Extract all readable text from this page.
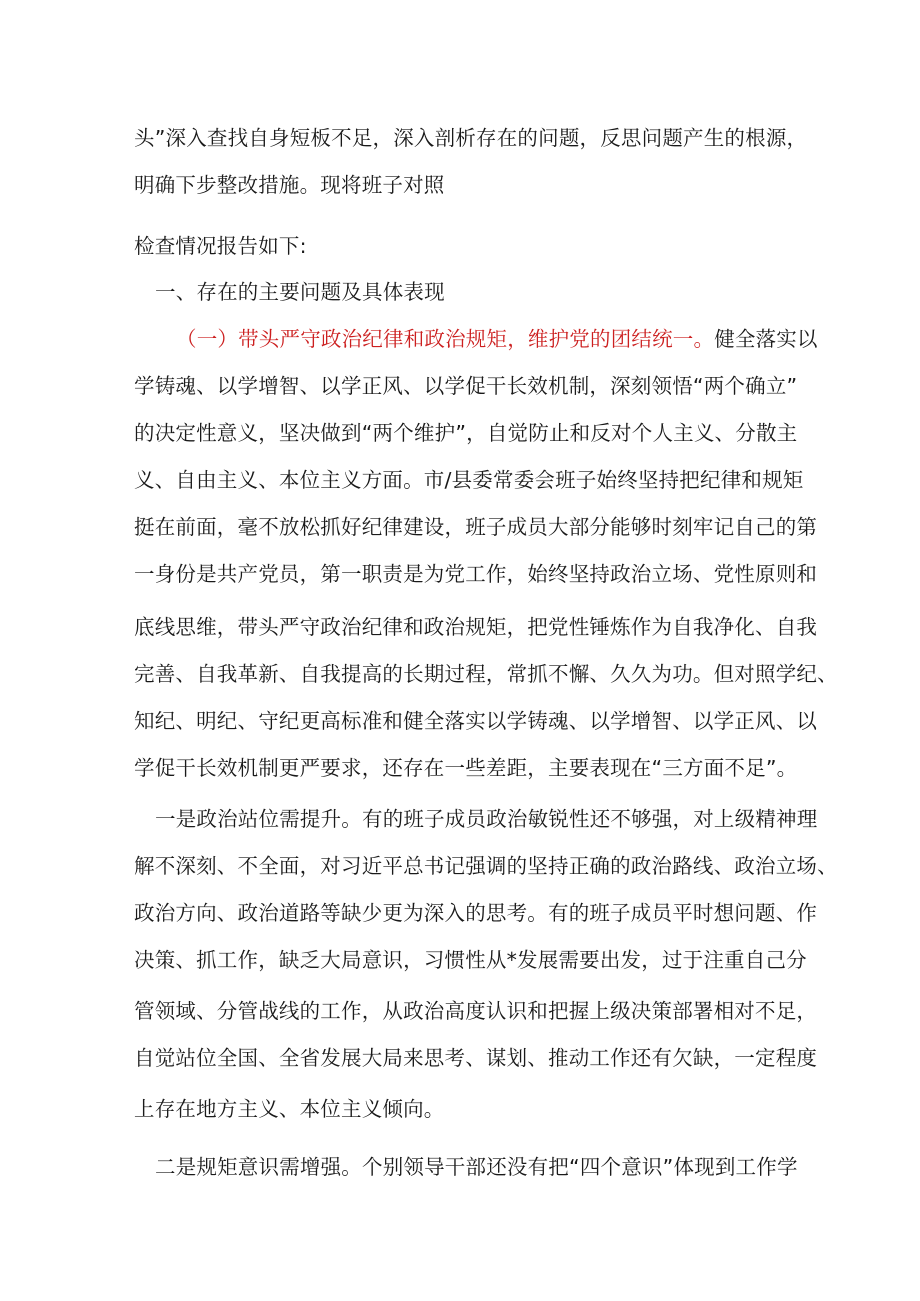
头”深入查找自身短板不足，深入剖析存在的问题，反思问题产生的根源，
明确下步整改措施。现将班子对照
检查情况报告如下:
一、存在的主要问题及具体表现
（一）带头严守政治纪律和政治规矩，维护党的团结统一。健全落实以
学铸魂、以学增智、以学正风、以学促干长效机制，深刻领悟“两个确立”
的决定性意义，坚决做到“两个维护”，自觉防止和反对个人主义、分散主
义、自由主义、本位主义方面。市/县委常委会班子始终坚持把纪律和规矩
挺在前面，毫不放松抓好纪律建设，班子成员大部分能够时刻牢记自己的第
一身份是共产党员，第一职责是为党工作，始终坚持政治立场、党性原则和
底线思维，带头严守政治纪律和政治规矩，把党性锤炼作为自我净化、自我
完善、自我革新、自我提高的长期过程，常抓不懈、久久为功。但对照学纪、
知纪、明纪、守纪更高标准和健全落实以学铸魂、以学增智、以学正风、以
学促干长效机制更严要求，还存在一些差距，主要表现在“三方面不足”。
一是政治站位需提升。有的班子成员政治敏锐性还不够强，对上级精神理
解不深刻、不全面，对习近平总书记强调的坚持正确的政治路线、政治立场、
政治方向、政治道路等缺少更为深入的思考。有的班子成员平时想问题、作
决策、抓工作，缺乏大局意识，习惯性从*发展需要出发，过于注重自己分
管领域、分管战线的工作，从政治高度认识和把握上级决策部署相对不足，
自觉站位全国、全省发展大局来思考、谋划、推动工作还有欠缺，一定程度
上存在地方主义、本位主义倾向。
二是规矩意识需增强。个别领导干部还没有把“四个意识”体现到工作学
